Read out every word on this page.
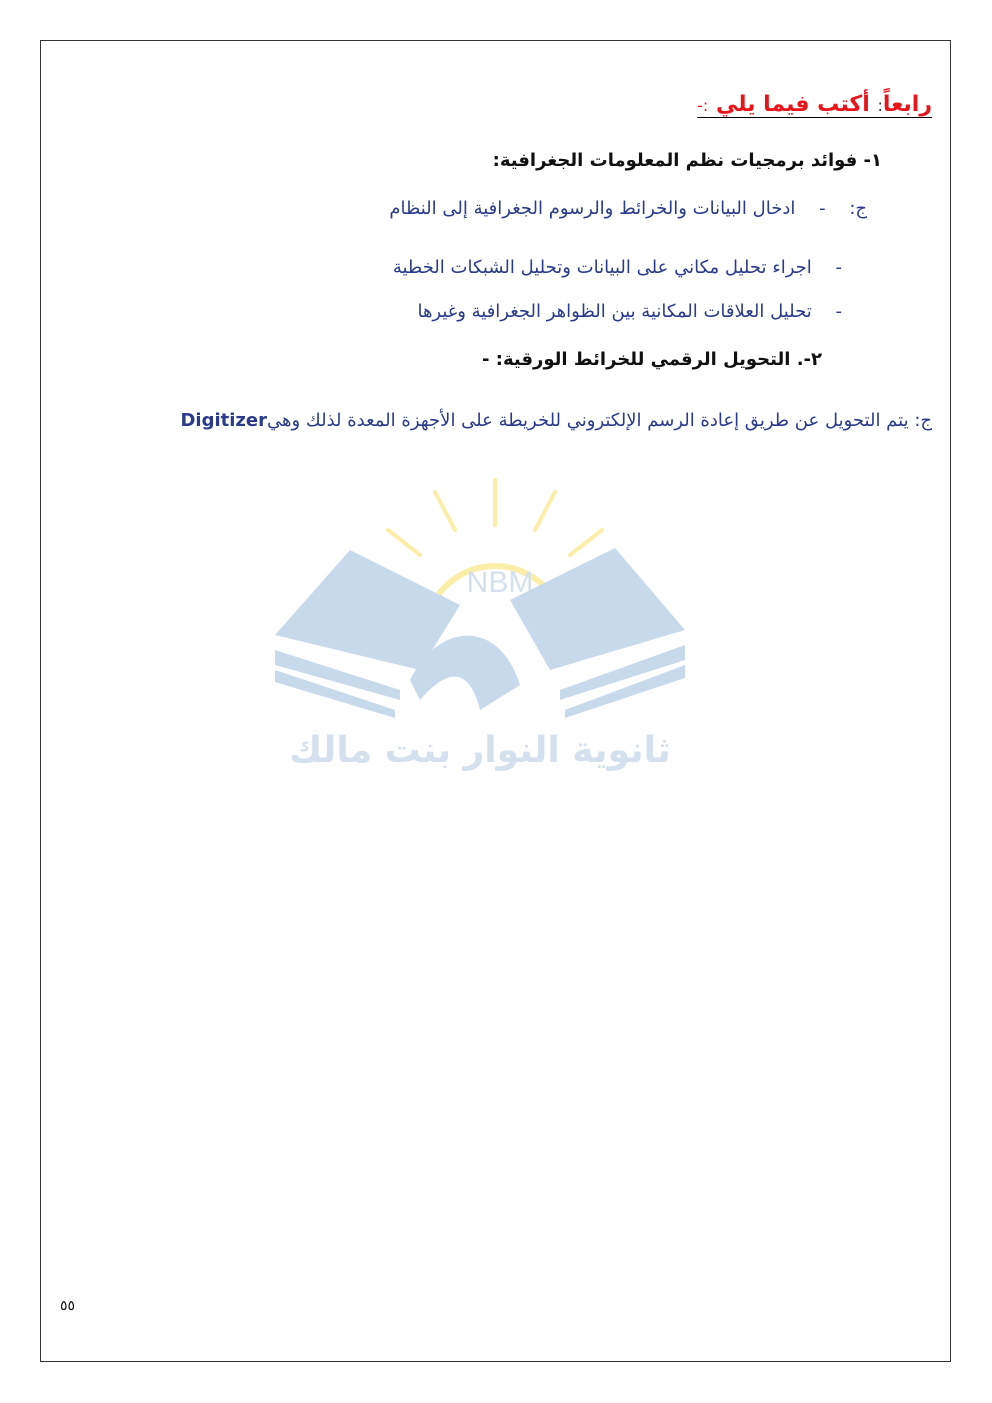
NBM
ثانوية النوار بنت مالك
رابعاً: أكتب فيما يلي :-
١- فوائد برمجيات نظم المعلومات الجغرافية:
ج: - ادخال البيانات والخرائط والرسوم الجغرافية إلى النظام
- اجراء تحليل مكاني على البيانات وتحليل الشبكات الخطية
- تحليل العلاقات المكانية بين الظواهر الجغرافية وغيرها
٢-. التحويل الرقمي للخرائط الورقية: -
ج: يتم التحويل عن طريق إعادة الرسم الإلكتروني للخريطة على الأجهزة المعدة لذلك وهيDigitizer
٥٥
